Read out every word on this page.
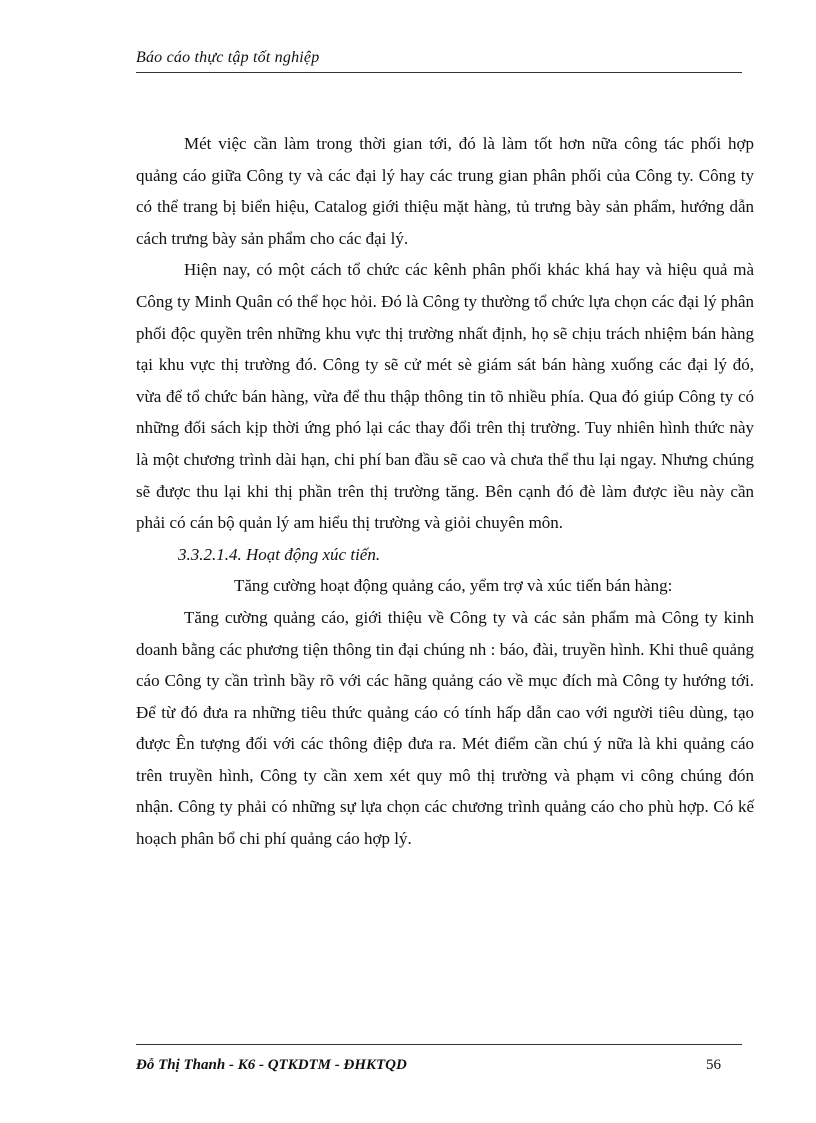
Báo cáo thực tập tốt nghiệp

Mét việc cần làm trong thời gian tới, đó là làm tốt hơn nữa công tác phối hợp quảng cáo giữa Công ty và các đại lý hay các trung gian phân phối của Công ty. Công ty có thể trang bị biển hiệu, Catalog giới thiệu mặt hàng, tủ trưng bày sản phẩm, hướng dẫn cách trưng bày sản phẩm cho các đại lý.

Hiện nay, có một cách tổ chức các kênh phân phối khác khá hay và hiệu quả mà Công ty Minh Quân có thể học hỏi. Đó là Công ty thường tổ chức lựa chọn các đại lý phân phối độc quyền trên những khu vực thị trường nhất định, họ sẽ chịu trách nhiệm bán hàng tại khu vực thị trường đó. Công ty sẽ cử mét sè giám sát bán hàng xuống các đại lý đó, vừa để tổ chức bán hàng, vừa để thu thập thông tin tõ nhiều phía. Qua đó giúp Công ty có những đối sách kịp thời ứng phó lại các thay đổi trên thị trường. Tuy nhiên hình thức này là một chương trình dài hạn, chi phí ban đầu sẽ cao và chưa thể thu lại ngay. Nhưng chúng sẽ được thu lại khi thị phần trên thị trường tăng. Bên cạnh đó đè làm được iều này cần phải có cán bộ quản lý am hiểu thị trường và giỏi chuyên môn.

3.3.2.1.4. Hoạt động xúc tiến.

Tăng cường hoạt động quảng cáo, yểm trợ và xúc tiến bán hàng:

Tăng cường quảng cáo, giới thiệu về Công ty và các sản phẩm mà Công ty kinh doanh bằng các phương tiện thông tin đại chúng nh : báo, đài, truyền hình. Khi thuê quảng cáo Công ty cần trình bầy rõ với các hãng quảng cáo về mục đích mà Công ty hướng tới. Để từ đó đưa ra những tiêu thức quảng cáo có tính hấp dẫn cao với người tiêu dùng, tạo được Ên tượng đối với các thông điệp đưa ra. Mét điểm cần chú ý nữa là khi quảng cáo trên truyền hình, Công ty cần xem xét quy mô thị trường và phạm vi công chúng đón nhận. Công ty phải có những sự lựa chọn các chương trình quảng cáo cho phù hợp. Có kế hoạch phân bổ chi phí quảng cáo hợp lý.

Đỗ Thị Thanh - K6 - QTKDTM - ĐHKTQD	56
